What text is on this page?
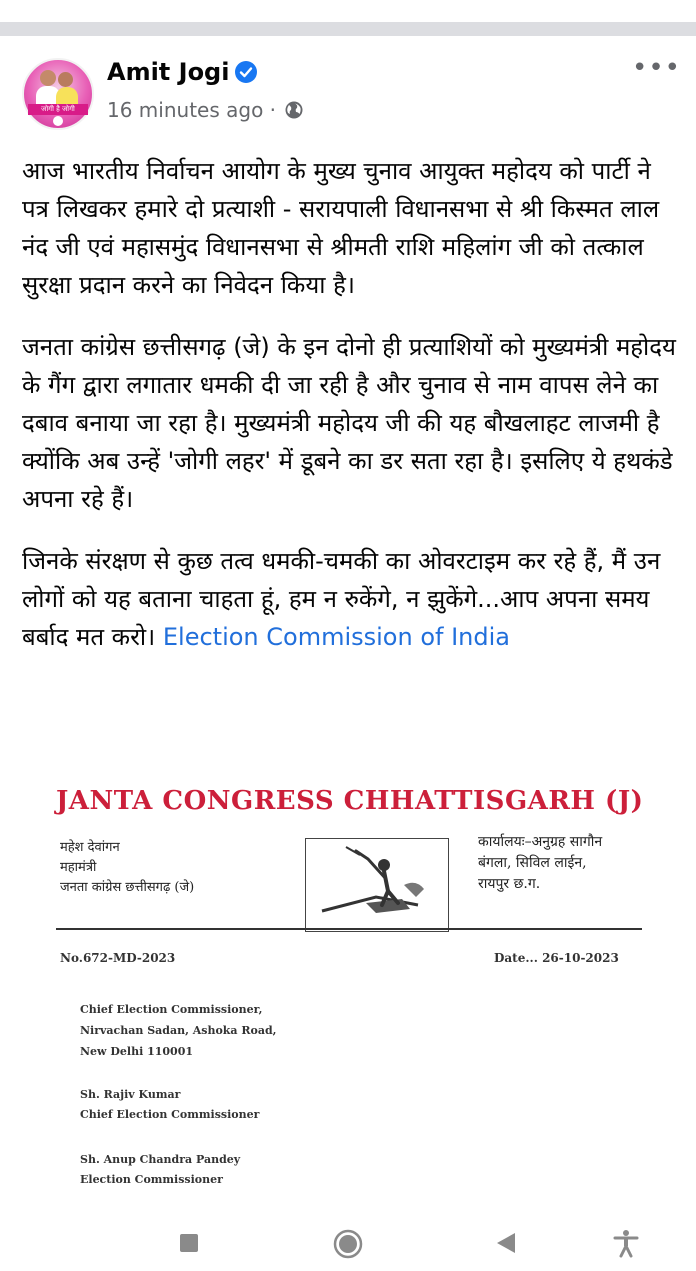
जोगी है जोगी
Amit Jogi
16 minutes ago ·
•••

आज भारतीय निर्वाचन आयोग के मुख्य चुनाव आयुक्त महोदय को पार्टी ने पत्र लिखकर हमारे दो प्रत्याशी - सरायपाली विधानसभा से श्री किस्मत लाल नंद जी एवं महासमुंद विधानसभा से श्रीमती राशि महिलांग जी को तत्काल सुरक्षा प्रदान करने का निवेदन किया है।

जनता कांग्रेस छत्तीसगढ़ (जे) के इन दोनो ही प्रत्याशियों को मुख्यमंत्री महोदय के गैंग द्वारा लगातार धमकी दी जा रही है और चुनाव से नाम वापस लेने का दबाव बनाया जा रहा है। मुख्यमंत्री महोदय जी की यह बौखलाहट लाजमी है क्योंकि अब उन्हें 'जोगी लहर' में डूबने का डर सता रहा है। इसलिए ये हथकंडे अपना रहे हैं।

जिनके संरक्षण से कुछ तत्व धमकी-चमकी का ओवरटाइम कर रहे हैं, मैं उन लोगों को यह बताना चाहता हूं, हम न रुकेंगे, न झुकेंगे...आप अपना समय बर्बाद मत करो। Election Commission of India

JANTA CONGRESS CHHATTISGARH (J)
महेश देवांगन
महामंत्री
जनता कांग्रेस छत्तीसगढ़ (जे)
कार्यालयः–अनुग्रह सागौन
बंगला, सिविल लाईन,
रायपुर छ.ग.
No.672-MD-2023	Date... 26-10-2023
Chief Election Commissioner,
Nirvachan Sadan, Ashoka Road,
New Delhi 110001
Sh. Rajiv Kumar
Chief Election Commissioner
Sh. Anup Chandra Pandey
Election Commissioner
